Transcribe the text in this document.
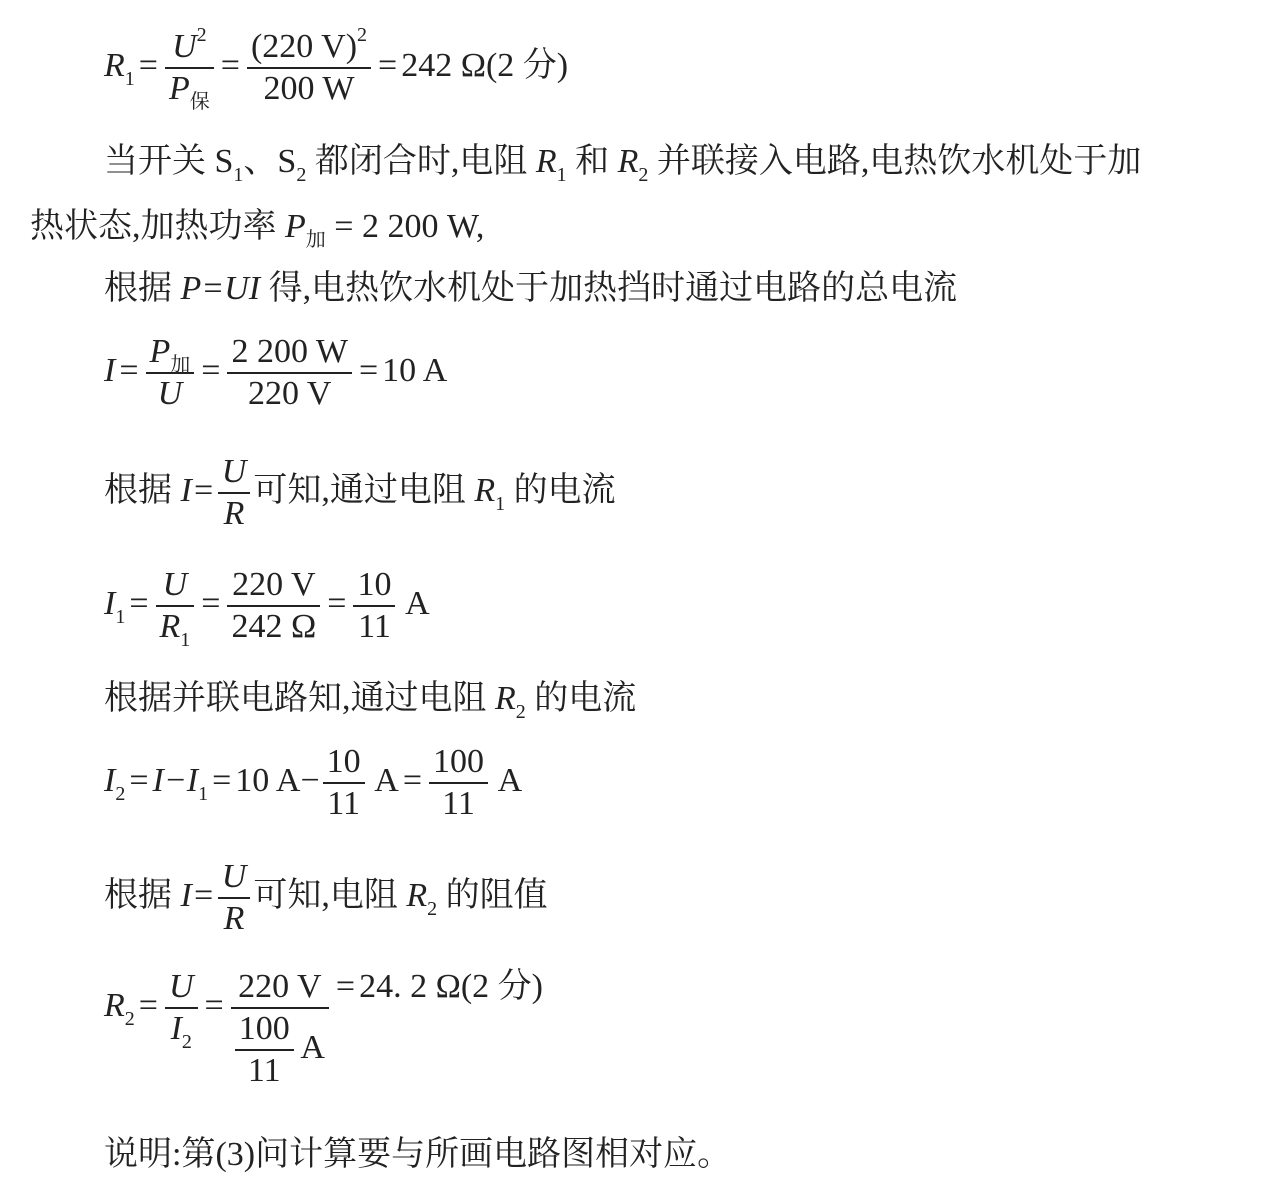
$R_1$ =
$U^2$
$P_保$
= $\frac{(220 V)^2}{200 W} = 242$ Ω(2 分)
当开关 $S_1$、$S_2$ 都闭合时,电阻 $R_1$ 和 $R_2$ 并联接入电路,电热饮水机处于加
热状态,加热功率 $P_加 = 2$ 200 W,
根据 P=UI 得,电热饮水机处于加热挡时通过电路的总电流
I =
$P_加$
U
= $\frac{2 200 W}{220 V} = 10$ A
根据 $I= \frac{U}{R}$ 可知,通过电阻 $R_1$ 的电流
$I_1 = \frac{U}{R_1} = \frac{220 V}{242 \Omega} = \frac{10}{11}$ A
根据并联电路知,通过电阻 $R_2$ 的电流
$I_2 = I-I_1 = 10$ $A- \frac{10}{11}$ $A = \frac{100}{11}$ A
根据 $I= \frac{U}{R}$ 可知,电阻 $R_2$ 的阻值
$R_2 = \frac{U}{I_2} = \frac{220 V}{\frac{100}{11} A} = 24$. 2 Ω(2 分)
说明:第(3)问计算要与所画电路图相对应。
